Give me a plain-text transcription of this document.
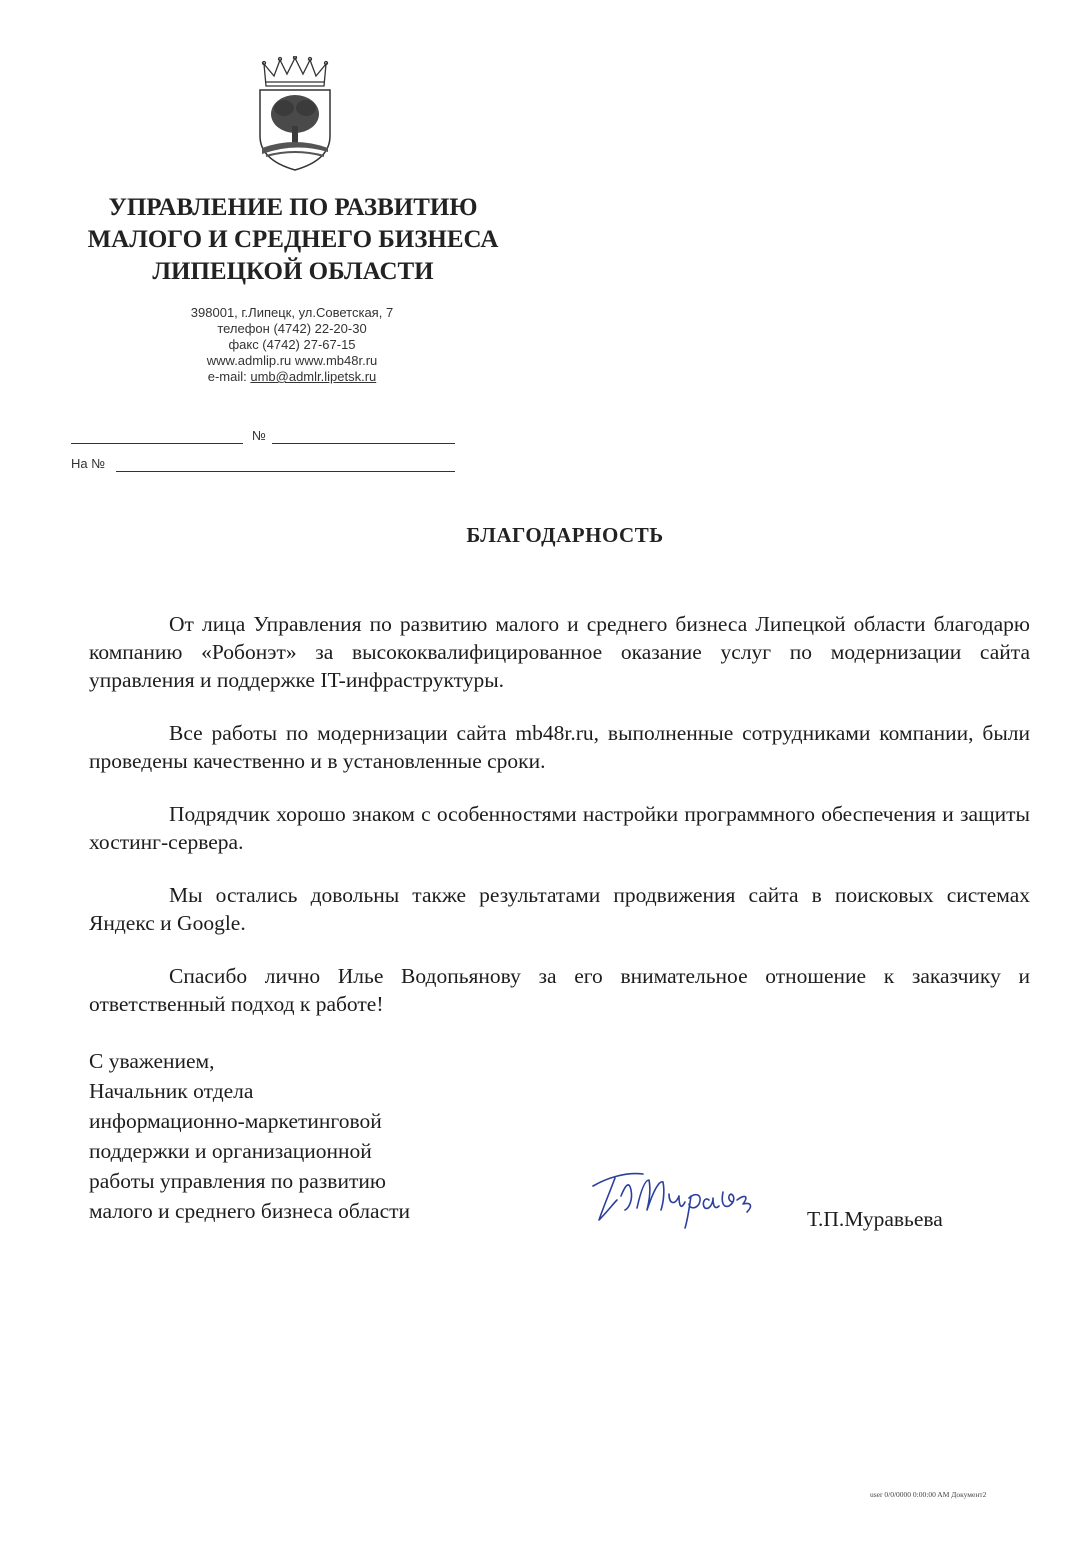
УПРАВЛЕНИЕ ПО РАЗВИТИЮ
МАЛОГО И СРЕДНЕГО БИЗНЕСА
ЛИПЕЦКОЙ ОБЛАСТИ
398001, г.Липецк, ул.Советская, 7
телефон (4742) 22-20-30
факс (4742) 27-67-15
www.admlip.ru www.mb48r.ru
e-mail: umb@admlr.lipetsk.ru
№
На №
БЛАГОДАРНОСТЬ

От лица Управления по развитию малого и среднего бизнеса Липецкой области благодарю компанию «Робонэт» за высококвалифицированное оказание услуг по модернизации сайта управления и поддержке IT-инфраструктуры.

Все работы по модернизации сайта mb48r.ru, выполненные сотрудниками компании, были проведены качественно и в установленные сроки.

Подрядчик хорошо знаком с особенностями настройки программного обеспечения и защиты хостинг-сервера.

Мы остались довольны также результатами продвижения сайта в поисковых системах Яндекс и Google.

Спасибо лично Илье Водопьянову за его внимательное отношение к заказчику и ответственный подход к работе!

С уважением,
Начальник отдела
информационно-маркетинговой
поддержки и организационной
работы управления по развитию
малого и среднего бизнеса области	Т.П.Муравьева
user 0/0/0000 0:00:00 AM Документ2
